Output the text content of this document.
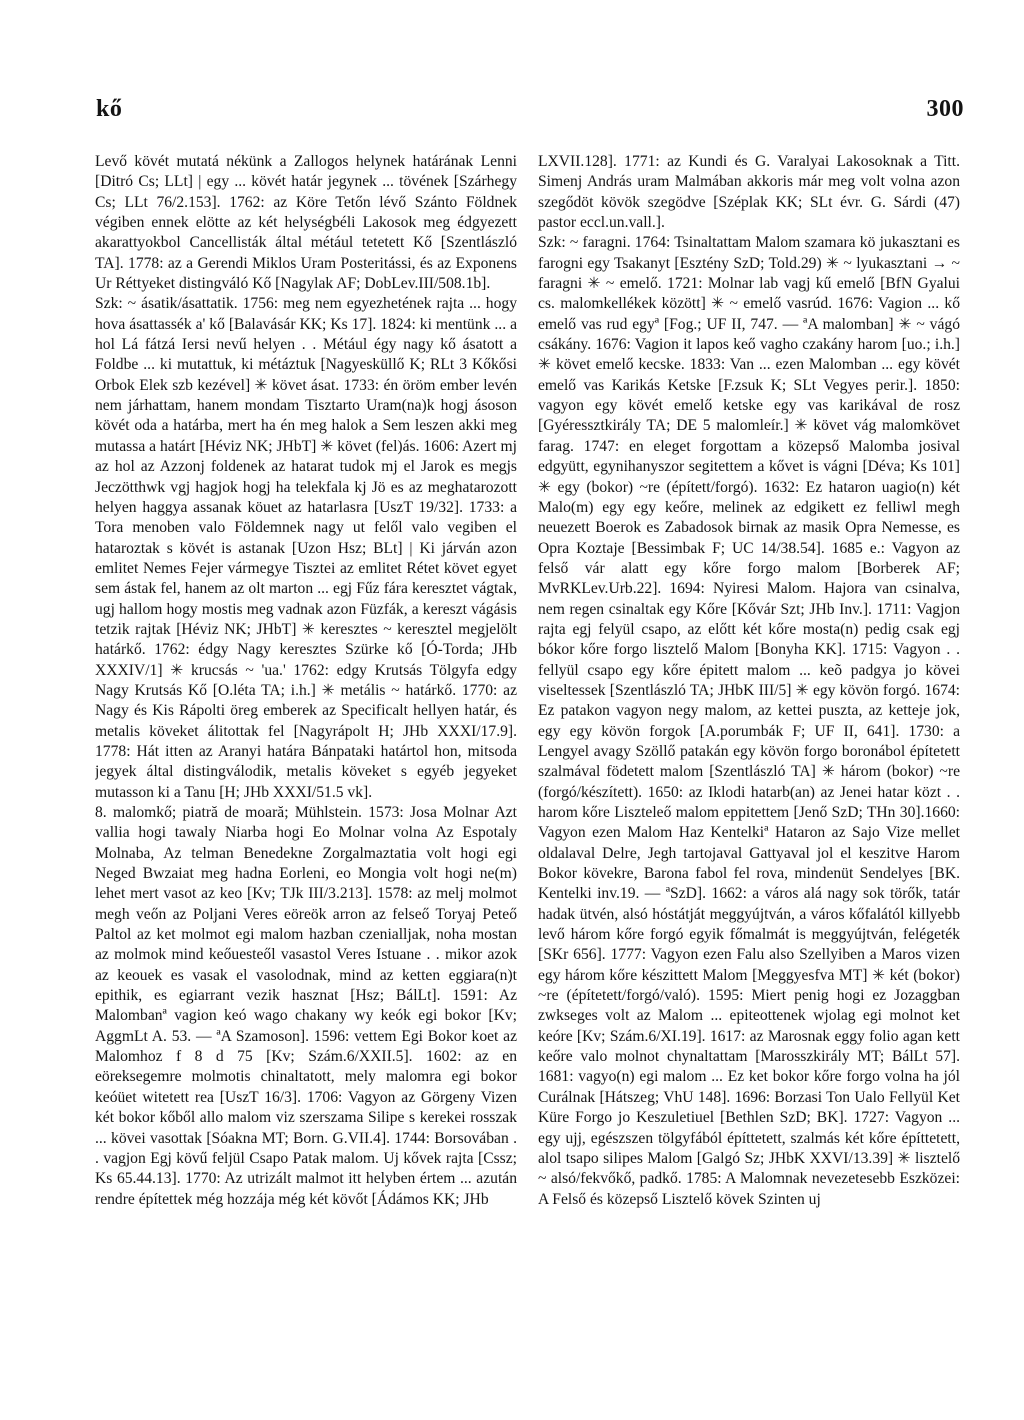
kő	300

Levő kövét mutatá nékünk a Zallogos helynek határának Lenni [Ditró Cs; LLt] | egy ... kövét határ jegynek ... tövének [Szárhegy Cs; LLt 76/2.153]. 1762: az Köre Tetőn lévő Szánto Földnek végiben ennek elötte az két helységbéli Lakosok meg édgyezett akarattyokbol Cancellisták által métául tetetett Kő [Szentlászló TA]. 1778: az a Gerendi Miklos Uram Posteritássi, és az Exponens Ur Réttyeket distingváló Kő [Nagylak AF; DobLev.III/508.1b].

Szk: ~ ásatik/ásattatik. 1756: meg nem egyezhetének rajta ... hogy hova ásattassék a' kő [Balavásár KK; Ks 17]. 1824: ki mentünk ... a hol Lá fátzá Iersi nevű helyen . . Métául égy nagy kő ásatott a Foldbe ... ki mutattuk, ki métáztuk [Nagyesküllő K; RLt 3 Kőkősi Orbok Elek szb kezével] ✳ követ ásat. 1733: én öröm ember levén nem járhattam, hanem mondam Tisztarto Uram(na)k hogj ásoson kövét oda a határba, mert ha én meg halok a Sem leszen akki meg mutassa a határt [Héviz NK; JHbT] ✳ követ (fel)ás. 1606: Azert mj az hol az Azzonj foldenek az hatarat tudok mj el Jarok es megjs Jeczötthwk vgj hagjok hogj ha telekfala kj Jö es az meghatarozott helyen haggya assanak köuet az hatarlasra [UszT 19/32]. 1733: a Tora menoben valo Földemnek nagy ut felől valo vegiben el hataroztak s kövét is astanak [Uzon Hsz; BLt] | Ki járván azon emlitet Nemes Fejer vármegye Tisztei az emlitet Rétet követ egyet sem ástak fel, hanem az olt marton ... egj Fűz fára keresztet vágtak, ugj hallom hogy mostis meg vadnak azon Füzfák, a kereszt vágásis tetzik rajtak [Héviz NK; JHbT] ✳ keresztes ~ keresztel megjelölt határkő. 1762: édgy Nagy keresztes Szürke kő [Ó-Torda; JHb XXXIV/1] ✳ krucsás ~ 'ua.' 1762: edgy Krutsás Tölgyfa edgy Nagy Krutsás Kő [O.léta TA; i.h.] ✳ metális ~ határkő. 1770: az Nagy és Kis Rápolti öreg emberek az Specificalt hellyen határ, és metalis köveket álitottak fel [Nagyrápolt H; JHb XXXI/17.9]. 1778: Hát itten az Aranyi határa Bánpataki határtol hon, mitsoda jegyek által distingválodik, metalis köveket s egyéb jegyeket mutasson ki a Tanu [H; JHb XXXI/51.5 vk].

8. malomkő; piatră de moară; Mühlstein. 1573: Josa Molnar Azt vallia hogi tawaly Niarba hogi Eo Molnar volna Az Espotaly Molnaba, Az telman Benedekne Zorgalmaztatia volt hogi egi Neged Bwzaiat meg hadna Eorleni, eo Mongia volt hogi ne(m) lehet mert vasot az keo [Kv; TJk III/3.213]. 1578: az melj molmot megh veőn az Poljani Veres eöreök arron az felseő Toryaj Peteő Paltol az ket molmot egi malom hazban czenialljak, noha mostan az molmok mind keőuesteől vasastol Veres Istuane . . mikor azok az keouek es vasak el vasolodnak, mind az ketten eggiara(n)t epithik, es egiarrant vezik hasznat [Hsz; BálLt]. 1591: Az Malombanª vagion keó wago chakany wy keók egi bokor [Kv; AggmLt A. 53. — ªA Szamoson]. 1596: vettem Egi Bokor koet az Malomhoz f 8 d 75 [Kv; Szám.6/XXII.5]. 1602: az en eöreksegemre molmotis chinaltatott, mely malomra egi bokor keóüet witetett rea [UszT 16/3]. 1706: Vagyon az Görgeny Vizen két bokor kőből allo malom viz szerszama Silipe s kerekei rosszak ... kövei vasottak [Sóakna MT; Born. G.VII.4]. 1744: Borsovában . . vagjon Egj kövű feljül Csapo Patak malom. Uj kővek rajta [Cssz; Ks 65.44.13]. 1770: Az utrizált malmot itt helyben értem ... azután rendre építettek még hozzája még két kövőt [Ádámos KK; JHb

LXVII.128]. 1771: az Kundi és G. Varalyai Lakosoknak a Titt. Simenj András uram Malmában akkoris már meg volt volna azon szegődöt kövök szegödve [Széplak KK; SLt évr. G. Sárdi (47) pastor eccl.un.vall.].

Szk: ~ faragni. 1764: Tsinaltattam Malom szamara kö jukasztani es farogni egy Tsakanyt [Esztény SzD; Told.29) ✳ ~ lyukasztani → ~ faragni ✳ ~ emelő. 1721: Molnar lab vagj kű emelő [BfN Gyalui cs. malomkellékek között] ✳ ~ emelő vasrúd. 1676: Vagion ... kő emelő vas rud egyª [Fog.; UF II, 747. — ªA malomban] ✳ ~ vágó csákány. 1676: Vagion it lapos keő vagho czakány harom [uo.; i.h.] ✳ követ emelő kecske. 1833: Van ... ezen Malomban ... egy kövét emelő vas Karikás Ketske [F.zsuk K; SLt Vegyes perir.]. 1850: vagyon egy kövét emelő ketske egy vas karikával de rosz [Gyéressztkirály TA; DE 5 malomleír.] ✳ követ vág malomkövet farag. 1747: en eleget forgottam a közepső Malomba josival edgyütt, egynihanyszor segitettem a kővet is vágni [Déva; Ks 101] ✳ egy (bokor) ~re (épített/forgó). 1632: Ez hataron uagio(n) két Malo(m) egy egy keőre, melinek az edgikett ez felliwl megh neuezett Boerok es Zabadosok birnak az masik Opra Nemesse, es Opra Koztaje [Bessimbak F; UC 14/38.54]. 1685 e.: Vagyon az felső vár alatt egy kőre forgo malom [Borberek AF; MvRKLev.Urb.22]. 1694: Nyiresi Malom. Hajora van csinalva, nem regen csinaltak egy Kőre [Kővár Szt; JHb Inv.]. 1711: Vagjon rajta egj felyül csapo, az előtt két kőre mosta(n) pedig csak egj bókor kőre forgo lisztelő Malom [Bonyha KK]. 1715: Vagyon . . fellyül csapo egy kőre épitett malom ... keõ padgya jo kövei viseltessek [Szentlászló TA; JHbK III/5] ✳ egy kövön forgó. 1674: Ez patakon vagyon negy malom, az kettei puszta, az ketteje jok, egy egy kövön forgok [A.porumbák F; UF II, 641]. 1730: a Lengyel avagy Szöllő patakán egy kövön forgo boronábol építetett szalmával födetett malom [Szentlászló TA] ✳ három (bokor) ~re (forgó/készített). 1650: az Iklodi hatarb(an) az Jenei hatar közt . . harom kőre Liszteleő malom eppitettem [Jenő SzD; THn 30].1660: Vagyon ezen Malom Haz Kentelkiª Hataron az Sajo Vize mellet oldalaval Delre, Jegh tartojaval Gattyaval jol el keszitve Harom Bokor kövekre, Barona fabol fel rova, mindenüt Sendelyes [BK. Kentelki inv.19. — ªSzD]. 1662: a város alá nagy sok törők, tatár hadak ütvén, alsó hóstátját meggyújtván, a város kőfalától killyebb levő három kőre forgó egyik főmalmát is meggyújtván, felégeték [SKr 656]. 1777: Vagyon ezen Falu also Szellyiben a Maros vizen egy három kőre készittett Malom [Meggyesfva MT] ✳ két (bokor) ~re (építetett/forgó/való). 1595: Miert penig hogi ez Jozaggban zwkseges volt az Malom ... epiteottenek wjolag egi molnot ket keóre [Kv; Szám.6/XI.19]. 1617: az Marosnak eggy folio agan kett keőre valo molnot chynaltattam [Marosszkirály MT; BálLt 57]. 1681: vagyo(n) egi malom ... Ez ket bokor kőre forgo volna ha jól Curálnak [Hátszeg; VhU 148]. 1696: Borzasi Ton Ualo Fellyül Ket Küre Forgo jo Keszuletiuel [Bethlen SzD; BK]. 1727: Vagyon ... egy ujj, egészszen tölgyfából építtetett, szalmás két kőre építtetett, alol tsapo silipes Malom [Galgó Sz; JHbK XXVI/13.39] ✳ lisztelő ~ alsó/fekvőkő, padkő. 1785: A Malomnak nevezetesebb Eszközei: A Felső és közepső Lisztelő kövek Szinten uj
